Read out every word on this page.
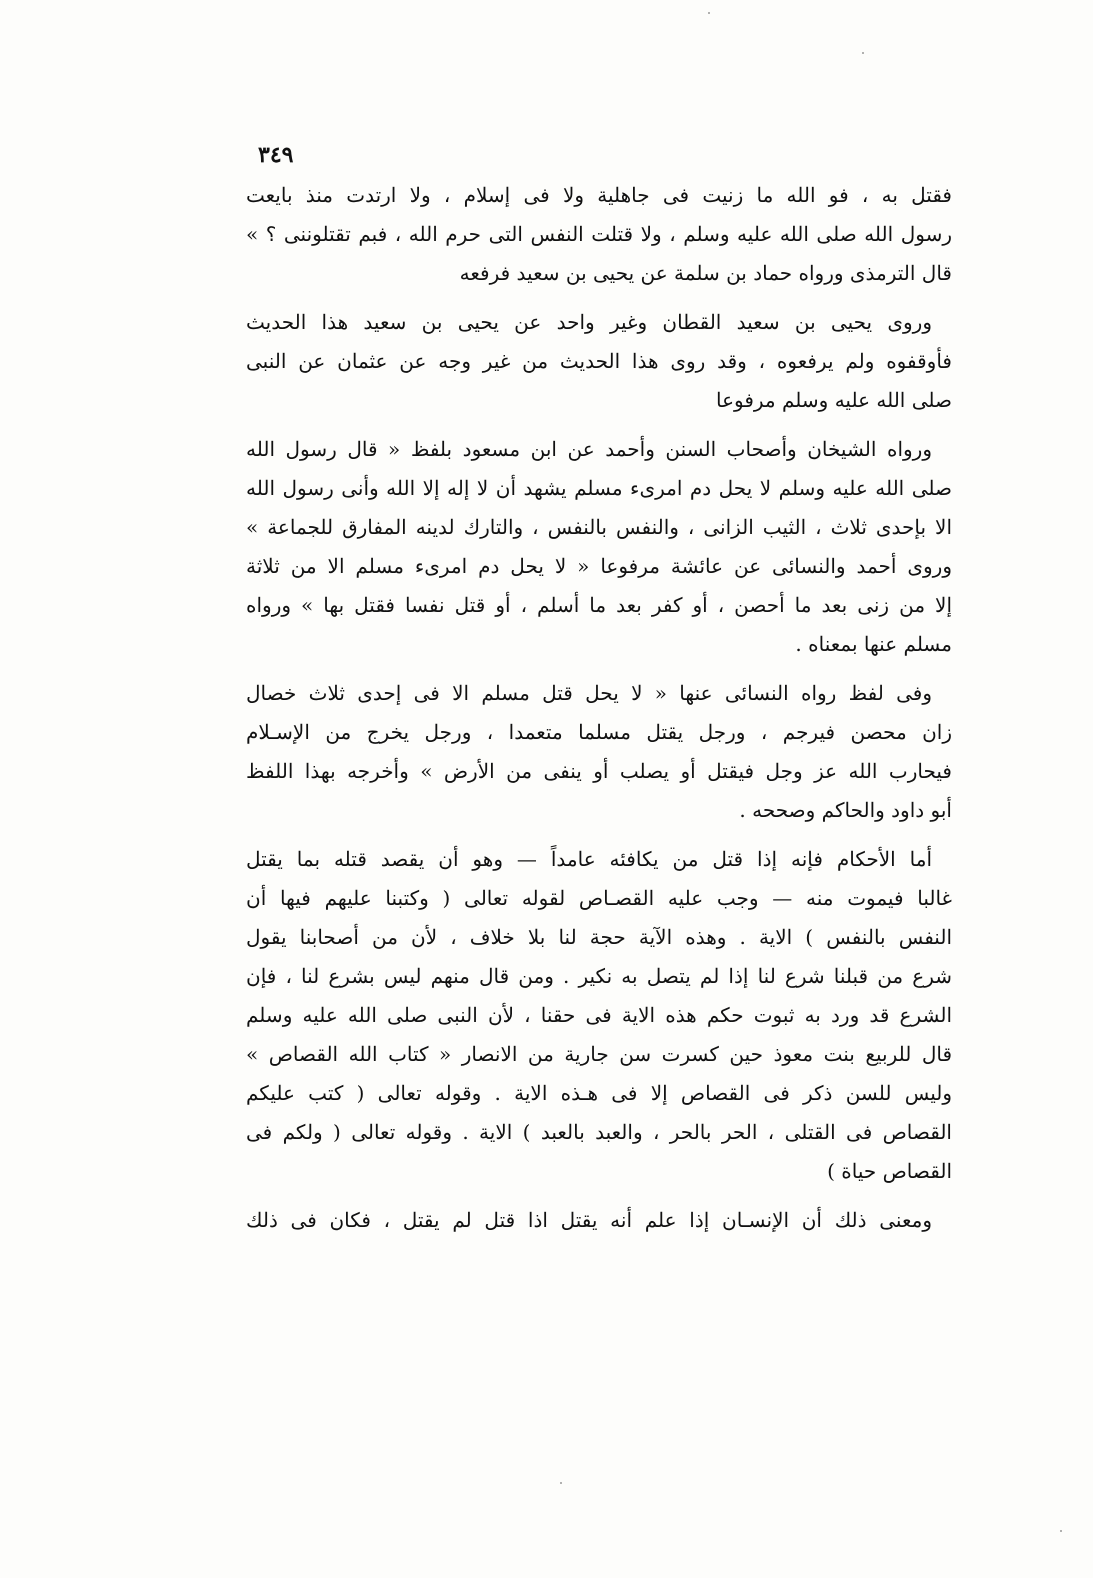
٣٤٩
فقتل به ، فو الله ما زنيت فى جاهلية ولا فى إسلام ، ولا ارتدت منذ بايعت
رسول الله صلى الله عليه وسلم ، ولا قتلت النفس التى حرم الله ، فبم تقتلوننى ؟ »
قال الترمذى ورواه حماد بن سلمة عن يحيى بن سعيد فرفعه
وروى يحيى بن سعيد القطان وغير واحد عن يحيى بن سعيد هذا الحديث
فأوقفوه ولم يرفعوه ، وقد روى هذا الحديث من غير وجه عن عثمان عن النبى
صلى الله عليه وسلم مرفوعا
ورواه الشيخان وأصحاب السنن وأحمد عن ابن مسعود بلفظ « قال رسول الله
صلى الله عليه وسلم لا يحل دم امرىء مسلم يشهد أن لا إله إلا الله وأنى رسول الله
الا بإحدى ثلاث ، الثيب الزانى ، والنفس بالنفس ، والتارك لدينه المفارق للجماعة »
وروى أحمد والنسائى عن عائشة مرفوعا « لا يحل دم امرىء مسلم الا من ثلاثة
إلا من زنى بعد ما أحصن ، أو كفر بعد ما أسلم ، أو قتل نفسا فقتل بها » ورواه
مسلم عنها بمعناه .
وفى لفظ رواه النسائى عنها « لا يحل قتل مسلم الا فى إحدى ثلاث خصال
زان محصن فيرجم ، ورجل يقتل مسلما متعمدا ، ورجل يخرج من الإسـلام
فيحارب الله عز وجل فيقتل أو يصلب أو ينفى من الأرض » وأخرجه بهذا اللفظ
أبو داود والحاكم وصححه .
أما الأحكام فإنه إذا قتل من يكافئه عامداً — وهو أن يقصد قتله بما يقتل
غالبا فيموت منه — وجب عليه القصـاص لقوله تعالى ( وكتبنا عليهم فيها أن
النفس بالنفس ) الاية . وهذه الآية حجة لنا بلا خلاف ، لأن من أصحابنا يقول
شرع من قبلنا شرع لنا إذا لم يتصل به نكير . ومن قال منهم ليس بشرع لنا ، فإن
الشرع قد ورد به ثبوت حكم هذه الاية فى حقنا ، لأن النبى صلى الله عليه وسلم
قال للربيع بنت معوذ حين كسرت سن جارية من الانصار « كتاب الله القصاص »
وليس للسن ذكر فى القصاص إلا فى هـذه الاية . وقوله تعالى ( كتب عليكم
القصاص فى القتلى ، الحر بالحر ، والعبد بالعبد ) الاية . وقوله تعالى ( ولكم فى
القصاص حياة )
ومعنى ذلك أن الإنسـان إذا علم أنه يقتل اذا قتل لم يقتل ، فكان فى ذلك
